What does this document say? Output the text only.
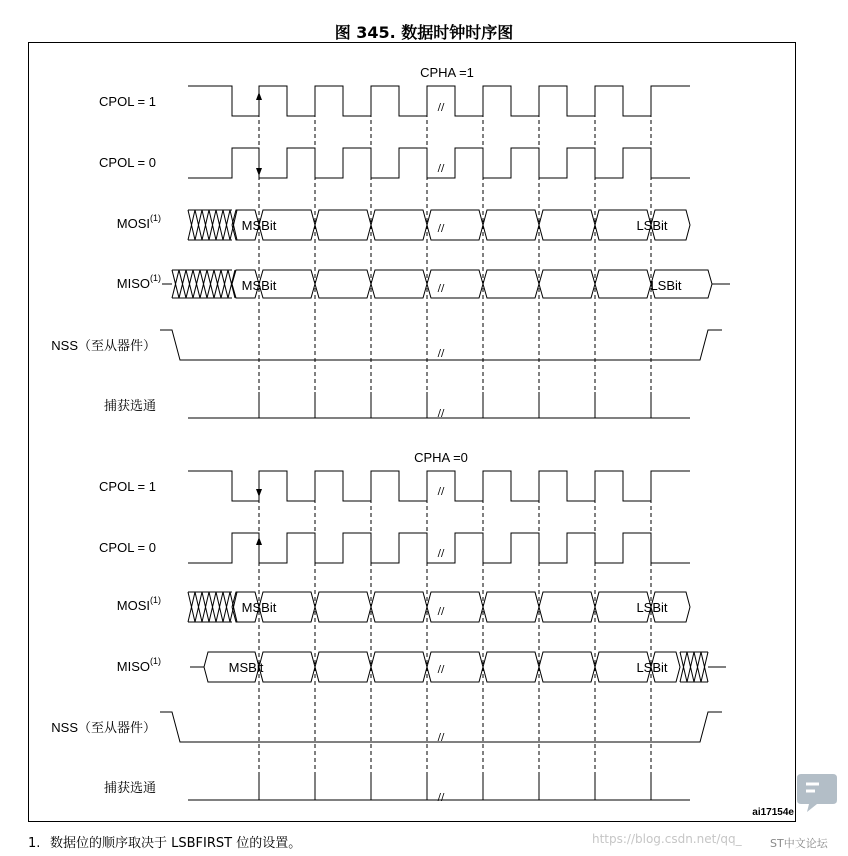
图 345. 数据时钟时序图
CPHA =1
CPOL = 1
CPOL = 0
MOSI (1)
MISO (1)
NSS（至从器件）
捕获选通
CPHA =0
CPOL = 1
CPOL = 0
MOSI (1)
MISO (1)
NSS（至从器件）
捕获选通
ai17154e
//
//
//
//
//
//
//
//
//
//
//
//
MSBit	LSBit
MSBit	LSBit
MSBit	LSBit
MSBit	LSBit
1. 数据位的顺序取决于 LSBFIRST 位的设置。	https://blog.csdn.net/qq_	ST中文论坛
